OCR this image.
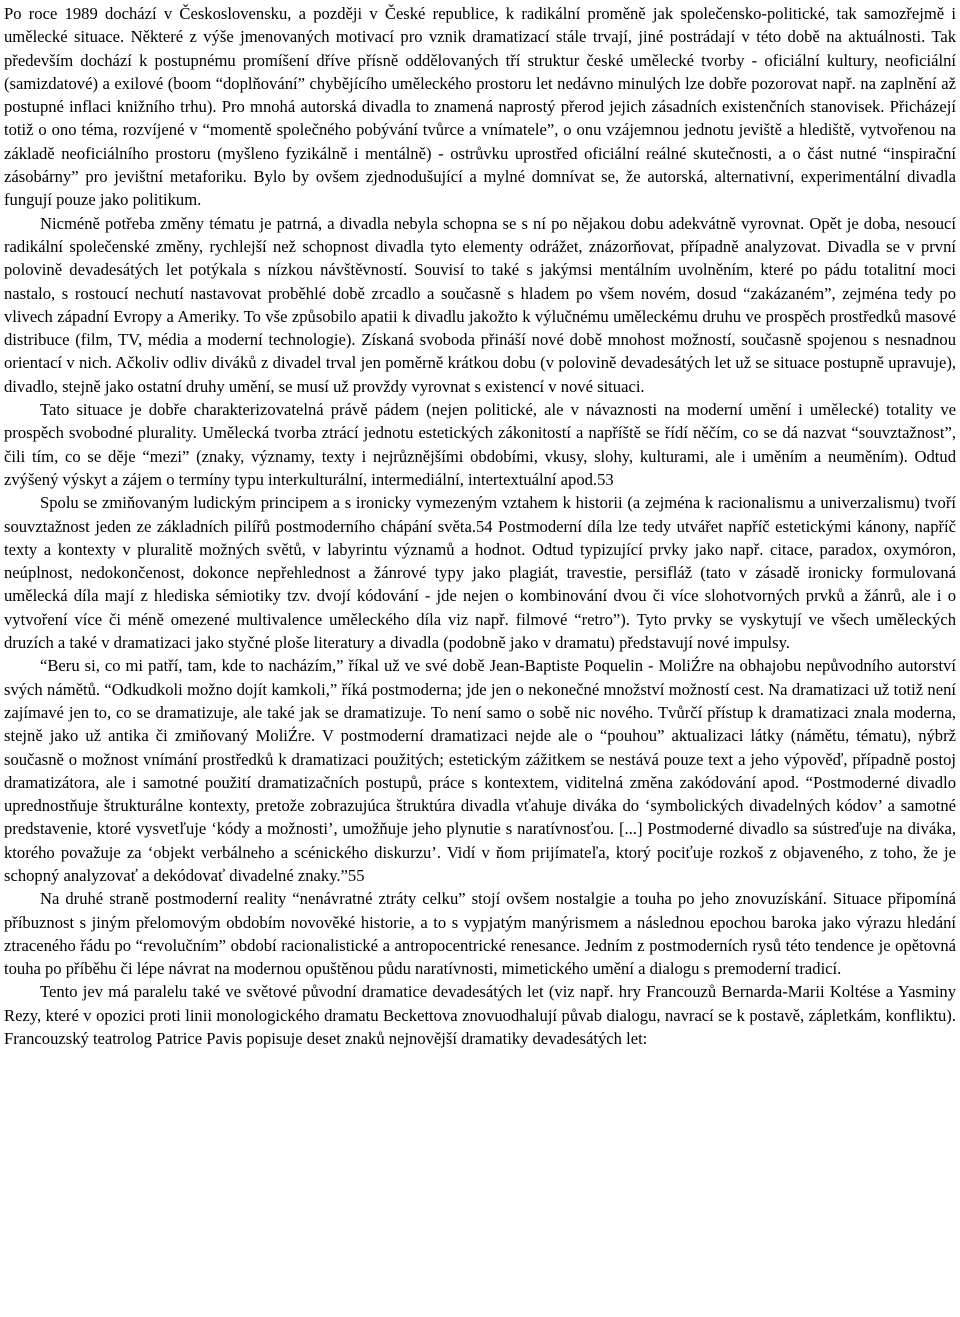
Po roce 1989 dochází v Československu, a později v České republice, k radikální proměně jak společensko-politické, tak samozřejmě i umělecké situace. Některé z výše jmenovaných motivací pro vznik dramatizací stále trvají, jiné postrádají v této době na aktuálnosti. Tak především dochází k postupnému promíšení dříve přísně oddělovaných tří struktur české umělecké tvorby - oficiální kultury, neoficiální (samizdatové) a exilové (boom “doplňování” chybějícího uměleckého prostoru let nedávno minulých lze dobře pozorovat např. na zaplnění až postupné inflaci knižního trhu). Pro mnohá autorská divadla to znamená naprostý přerod jejich zásadních existenčních stanovisek. Přicházejí totiž o ono téma, rozvíjené v “momentě společného pobývání tvůrce a vnímatele”, o onu vzájemnou jednotu jeviště a hlediště, vytvořenou na základě neoficiálního prostoru (myšleno fyzikálně i mentálně) - ostrůvku uprostřed oficiální reálné skutečnosti, a o část nutné “inspirační zásobárny” pro jevištní metaforiku. Bylo by ovšem zjednodušující a mylné domnívat se, že autorská, alternativní, experimentální divadla fungují pouze jako politikum.

Nicméně potřeba změny tématu je patrná, a divadla nebyla schopna se s ní po nějakou dobu adekvátně vyrovnat. Opět je doba, nesoucí radikální společenské změny, rychlejší než schopnost divadla tyto elementy odrážet, znázorňovat, případně analyzovat. Divadla se v první polovině devadesátých let potýkala s nízkou návštěvností. Souvisí to také s jakýmsi mentálním uvolněním, které po pádu totalitní moci nastalo, s rostoucí nechutí nastavovat proběhlé době zrcadlo a současně s hladem po všem novém, dosud “zakázaném”, zejména tedy po vlivech západní Evropy a Ameriky. To vše způsobilo apatii k divadlu jakožto k výlučnému uměleckému druhu ve prospěch prostředků masové distribuce (film, TV, média a moderní technologie). Získaná svoboda přináší nové době mnohost možností, současně spojenou s nesnadnou orientací v nich. Ačkoliv odliv diváků z divadel trval jen poměrně krátkou dobu (v polovině devadesátých let už se situace postupně upravuje), divadlo, stejně jako ostatní druhy umění, se musí už provždy vyrovnat s existencí v nové situaci.

Tato situace je dobře charakterizovatelná právě pádem (nejen politické, ale v návaznosti na moderní umění i umělecké) totality ve prospěch svobodné plurality. Umělecká tvorba ztrácí jednotu estetických zákonitostí a napříště se řídí něčím, co se dá nazvat “souvztažnost”, čili tím, co se děje “mezi” (znaky, významy, texty i nejrůznějšími obdobími, vkusy, slohy, kulturami, ale i uměním a neuměním). Odtud zvýšený výskyt a zájem o termíny typu interkulturální, intermediální, intertextuální apod.53

Spolu se zmiňovaným ludickým principem a s ironicky vymezeným vztahem k historii (a zejména k racionalismu a univerzalismu) tvoří souvztažnost jeden ze základních pilířů postmoderního chápání světa.54 Postmoderní díla lze tedy utvářet napříč estetickými kánony, napříč texty a kontexty v pluralitě možných světů, v labyrintu významů a hodnot. Odtud typizující prvky jako např. citace, paradox, oxymóron, neúplnost, nedokončenost, dokonce nepřehlednost a žánrové typy jako plagiát, travestie, persifláž (tato v zásadě ironicky formulovaná umělecká díla mají z hlediska sémiotiky tzv. dvojí kódování - jde nejen o kombinování dvou či více slohotvorných prvků a žánrů, ale i o vytvoření více či méně omezené multivalence uměleckého díla viz např. filmové “retro”). Tyto prvky se vyskytují ve všech uměleckých druzích a také v dramatizaci jako styčné ploše literatury a divadla (podobně jako v dramatu) představují nové impulsy.

“Beru si, co mi patří, tam, kde to nacházím,” říkal už ve své době Jean-Baptiste Poquelin - MoliŹre na obhajobu nepůvodního autorství svých námětů. “Odkudkoli možno dojít kamkoli,” říká postmoderna; jde jen o nekonečné množství možností cest. Na dramatizaci už totiž není zajímavé jen to, co se dramatizuje, ale také jak se dramatizuje. To není samo o sobě nic nového. Tvůrčí přístup k dramatizaci znala moderna, stejně jako už antika či zmiňovaný MoliŹre. V postmoderní dramatizaci nejde ale o “pouhou” aktualizaci látky (námětu, tématu), nýbrž současně o možnost vnímání prostředků k dramatizaci použitých; estetickým zážitkem se nestává pouze text a jeho výpověď, případně postoj dramatizátora, ale i samotné použití dramatizačních postupů, práce s kontextem, viditelná změna zakódování apod. “Postmoderné divadlo uprednostňuje štrukturálne kontexty, pretože zobrazujúca štruktúra divadla vťahuje diváka do ‘symbolických divadelných kódov’ a samotné predstavenie, ktoré vysvetľuje ‘kódy a možnosti’, umožňuje jeho plynutie s naratívnosťou. [...] Postmoderné divadlo sa sústreďuje na diváka, ktorého považuje za ‘objekt verbálneho a scénického diskurzu’. Vidí v ňom prijímateľa, ktorý pociťuje rozkoš z objaveného, z toho, že je schopný analyzovať a dekódovať divadelné znaky.”55

Na druhé straně postmoderní reality “nenávratné ztráty celku” stojí ovšem nostalgie a touha po jeho znovuzískání. Situace připomíná příbuznost s jiným přelomovým obdobím novověké historie, a to s vypjatým manýrismem a následnou epochou baroka jako výrazu hledání ztraceného řádu po “revolučním” období racionalistické a antropocentrické renesance. Jedním z postmoderních rysů této tendence je opětovná touha po příběhu či lépe návrat na modernou opuštěnou půdu naratívnosti, mimetického umění a dialogu s premoderní tradicí.

Tento jev má paralelu také ve světové původní dramatice devadesátých let (viz např. hry Francouzů Bernarda-Marii Koltése a Yasminy Rezy, které v opozici proti linii monologického dramatu Beckettova znovuodhalují půvab dialogu, navrací se k postavě, zápletkám, konfliktu). Francouzský teatrolog Patrice Pavis popisuje deset znaků nejnovější dramatiky devadesátých let:
